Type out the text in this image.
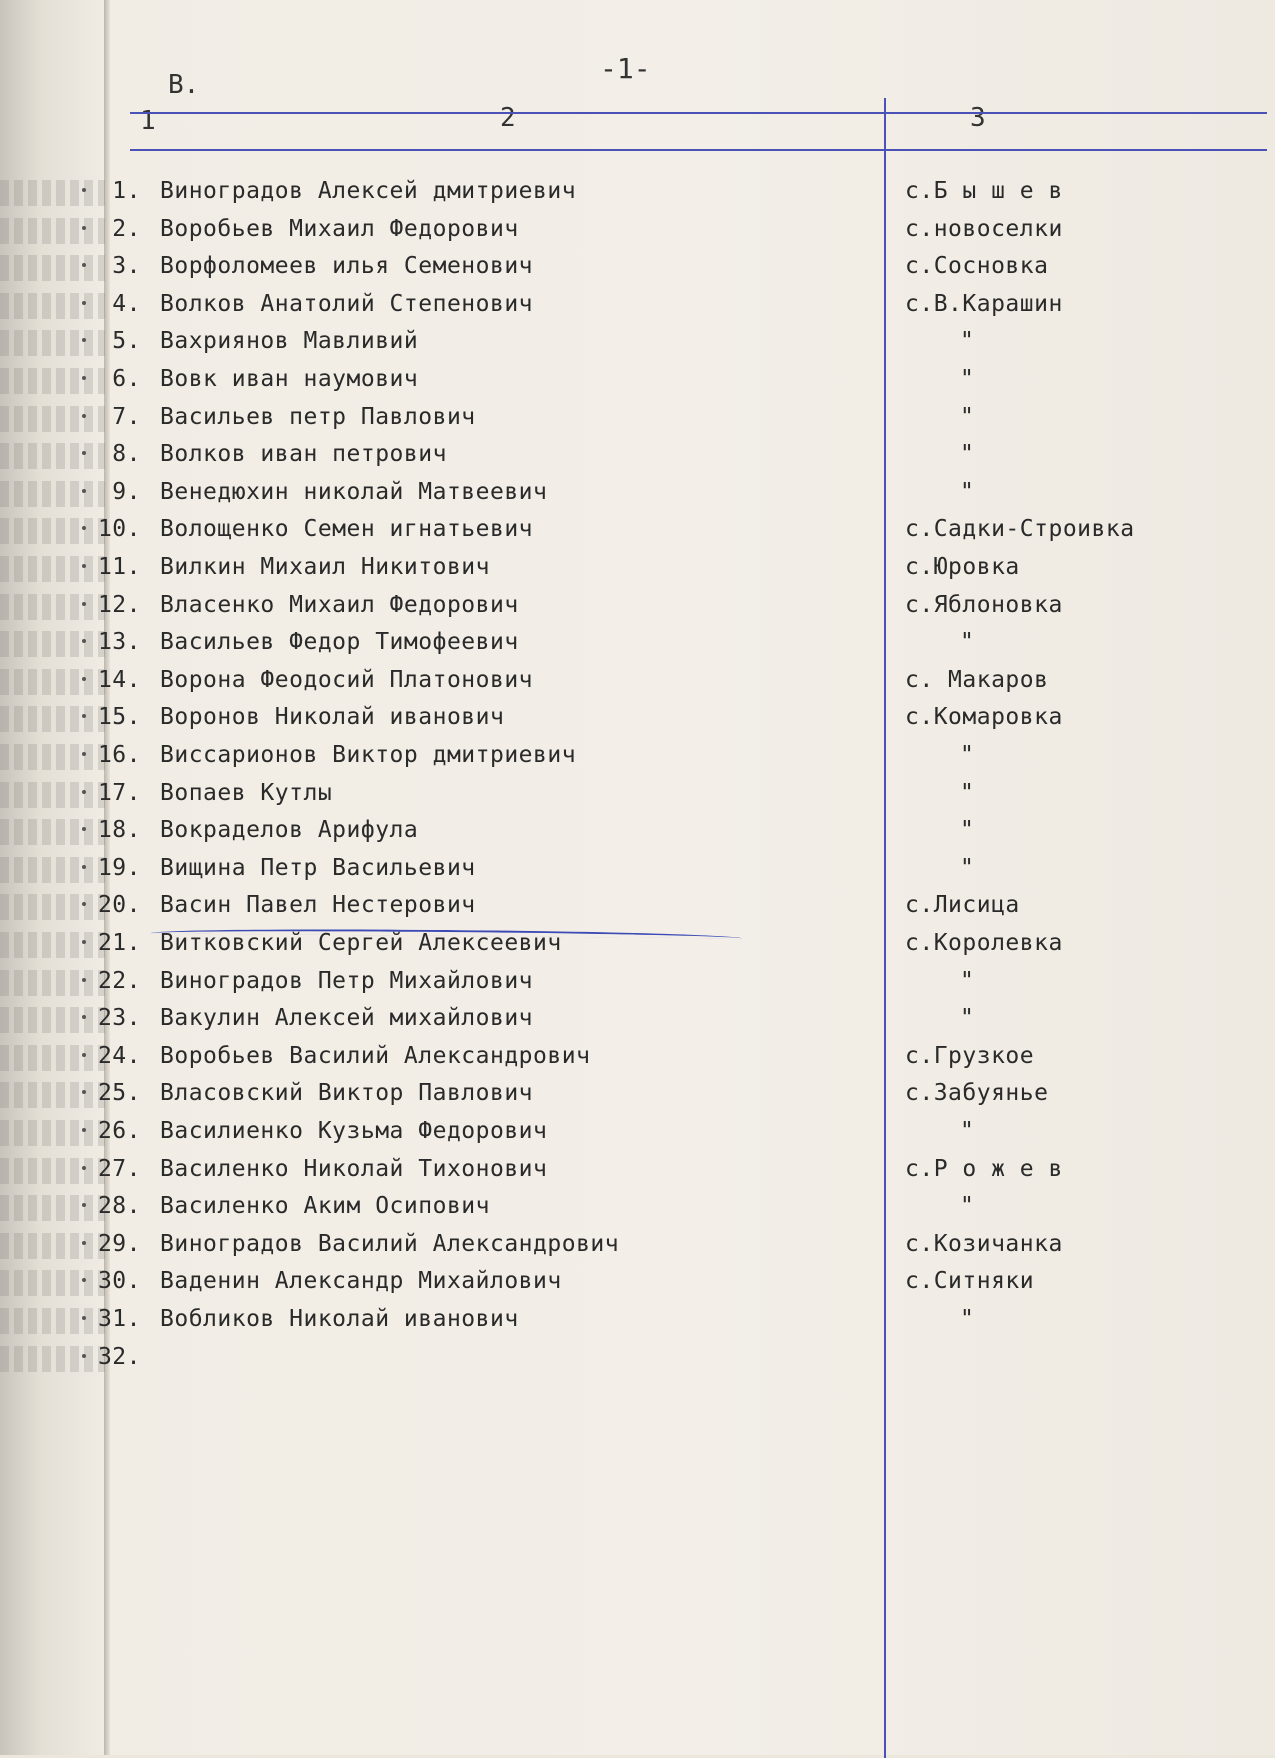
-1-
В.
1	2	3
1. Виноградов Алексей дмитриевич	с.Б ы ш е в
2. Воробьев Михаил Федорович	с.новоселки
3. Ворфоломеев илья Семенович	с.Сосновка
4. Волков Анатолий Степенович	с.В.Карашин
5. Вахриянов Мавливий	"
6. Вовк иван наумович	"
7. Васильев петр Павлович	"
8. Волков иван петрович	"
9. Венедюхин николай Матвеевич	"
10. Волощенко Семен игнатьевич	с.Садки-Строивка
11. Вилкин Михаил Никитович	с.Юровка
12. Власенко Михаил Федорович	с.Яблоновка
13. Васильев Федор Тимофеевич	"
14. Ворона Феодосий Платонович	с. Макаров
15. Воронов Николай иванович	с.Комаровка
16. Виссарионов Виктор дмитриевич	"
17. Вопаев Кутлы	"
18. Вокраделов Арифула	"
19. Вищина Петр Васильевич	"
20. Васин Павел Нестерович	с.Лисица
21. Витковский Сергей Алексеевич	с.Королевка
22. Виноградов Петр Михайлович	"
23. Вакулин Алексей михайлович	"
24. Воробьев Василий Александрович	с.Грузкое
25. Власовский Виктор Павлович	с.Забуянье
26. Василиенко Кузьма Федорович	"
27. Василенко Николай Тихонович	с.Р о ж е в
28. Василенко Аким Осипович	"
29. Виноградов Василий Александрович	с.Козичанка
30. Ваденин Александр Михайлович	с.Ситняки
31. Вобликов Николай иванович	"
32.
